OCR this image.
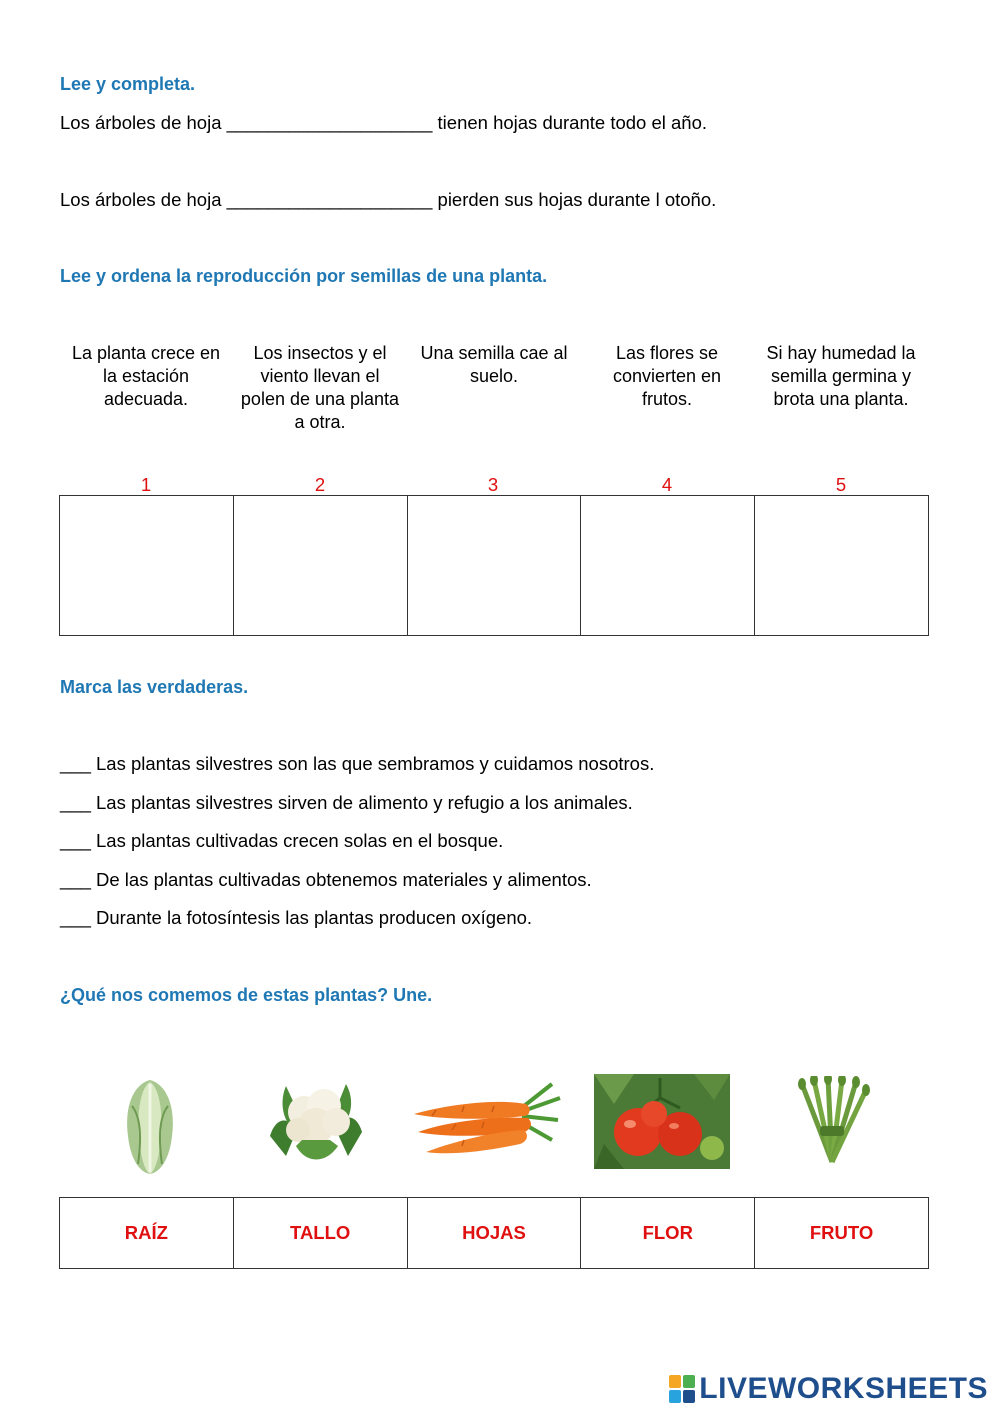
Lee y completa.
Los árboles de hoja ____________________ tienen hojas durante todo el año.
Los árboles de hoja ____________________ pierden sus hojas durante l otoño.
Lee y ordena la reproducción por semillas de una planta.
La planta crece en la estación adecuada.
Los insectos y el viento llevan el polen de una planta a otra.
Una semilla cae al suelo.
Las flores se convierten en frutos.
Si hay humedad la semilla germina y brota una planta.
1	2	3	4	5

Marca las verdaderas.
___ Las plantas silvestres son las que sembramos y cuidamos nosotros.
___ Las plantas silvestres sirven de alimento y refugio a los animales.
___ Las plantas cultivadas crecen solas en el bosque.
___ De las plantas cultivadas obtenemos materiales y alimentos.
___ Durante la fotosíntesis las plantas producen oxígeno.
¿Qué nos comemos de estas plantas? Une.
RAÍZ	TALLO	HOJAS	FLOR	FRUTO
LIVEWORKSHEETS
